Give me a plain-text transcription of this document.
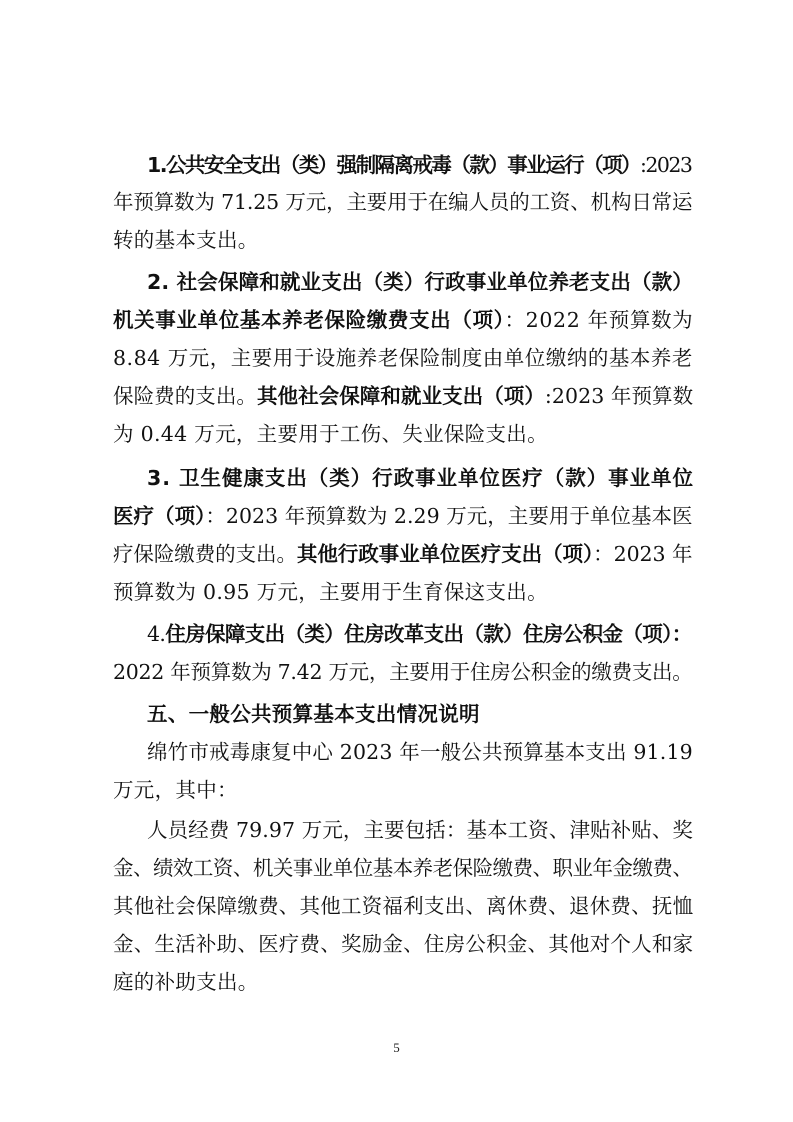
1.公共安全支出（类）强制隔离戒毒（款）事业运行（项）:2023
年预算数为 71.25 万元，主要用于在编人员的工资、机构日常运
转的基本支出。
2. 社会保障和就业支出（类）行政事业单位养老支出（款）
机关事业单位基本养老保险缴费支出（项）：2022 年预算数为
8.84 万元，主要用于设施养老保险制度由单位缴纳的基本养老
保险费的支出。其他社会保障和就业支出（项）:2023 年预算数
为 0.44 万元，主要用于工伤、失业保险支出。
3. 卫生健康支出（类）行政事业单位医疗（款）事业单位
医疗（项）：2023 年预算数为 2.29 万元，主要用于单位基本医
疗保险缴费的支出。其他行政事业单位医疗支出（项）：2023 年
预算数为 0.95 万元，主要用于生育保这支出。
4.住房保障支出（类）住房改革支出（款）住房公积金（项）：
2022 年预算数为 7.42 万元，主要用于住房公积金的缴费支出。
五、一般公共预算基本支出情况说明
绵竹市戒毒康复中心 2023 年一般公共预算基本支出 91.19
万元，其中：
人员经费 79.97 万元，主要包括：基本工资、津贴补贴、奖
金、绩效工资、机关事业单位基本养老保险缴费、职业年金缴费、
其他社会保障缴费、其他工资福利支出、离休费、退休费、抚恤
金、生活补助、医疗费、奖励金、住房公积金、其他对个人和家
庭的补助支出。
5
